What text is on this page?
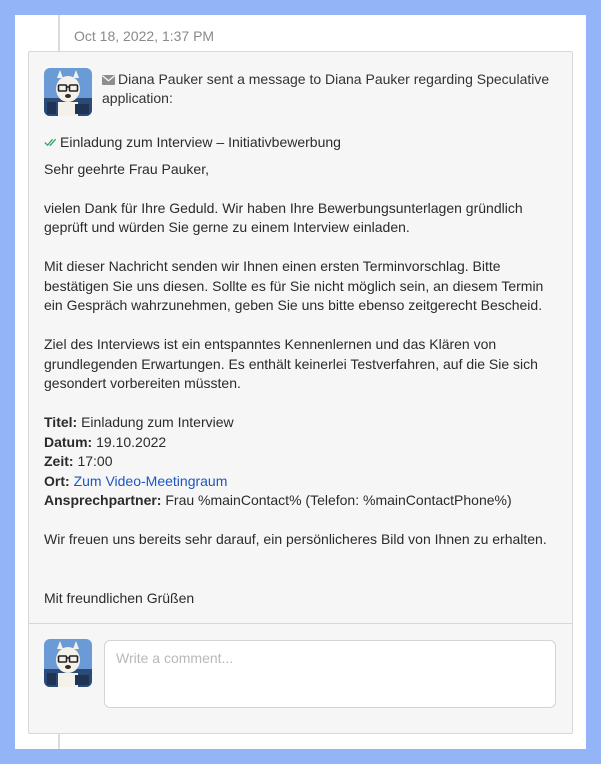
Oct 18, 2022, 1:37 PM
Diana Pauker sent a message to Diana Pauker regarding Speculative application:
Einladung zum Interview – Initiativbewerbung
Sehr geehrte Frau Pauker,
vielen Dank für Ihre Geduld. Wir haben Ihre Bewerbungsunterlagen gründlich geprüft und würden Sie gerne zu einem Interview einladen.
Mit dieser Nachricht senden wir Ihnen einen ersten Terminvorschlag. Bitte bestätigen Sie uns diesen. Sollte es für Sie nicht möglich sein, an diesem Termin ein Gespräch wahrzunehmen, geben Sie uns bitte ebenso zeitgerecht Bescheid.
Ziel des Interviews ist ein entspanntes Kennenlernen und das Klären von grundlegenden Erwartungen. Es enthält keinerlei Testverfahren, auf die Sie sich gesondert vorbereiten müssten.
Titel: Einladung zum Interview
Datum: 19.10.2022
Zeit: 17:00
Ort: Zum Video-Meetingraum
Ansprechpartner: Frau %mainContact% (Telefon: %mainContactPhone%)
Wir freuen uns bereits sehr darauf, ein persönlicheres Bild von Ihnen zu erhalten.
Mit freundlichen Grüßen
Write a comment...
